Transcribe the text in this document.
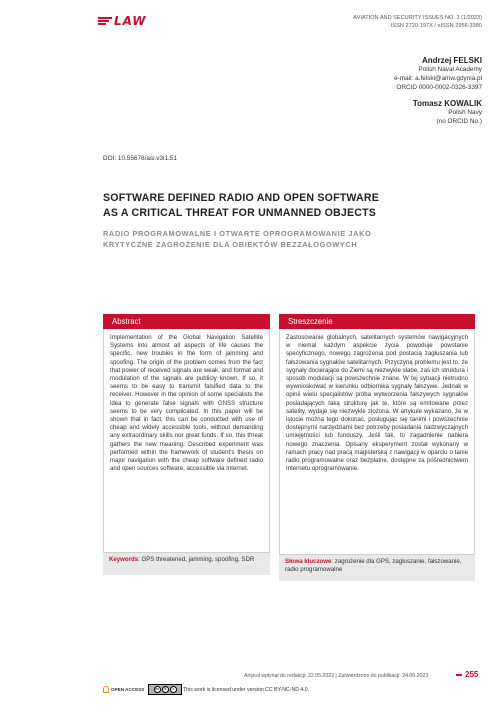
LAW	AVIATION AND SECURITY ISSUES NO. 3 (1/2023)
ISSN 2720-197X / eISSN 2956-3380
Andrzej FELSKI
Polish Naval Academy
e-mail: a.felski@amw.gdynia.pl
ORCID 0000-0002-0326-3397
Tomasz KOWALIK
Polish Navy
(no ORCID No.)
DOI: 10.55676/asi.v3i1.51
SOFTWARE DEFINED RADIO AND OPEN SOFTWARE
AS A CRITICAL THREAT FOR UNMANNED OBJECTS
RADIO PROGRAMOWALNE I OTWARTE OPROGRAMOWANIE JAKO
KRYTYCZNE ZAGROŻENIE DLA OBIEKTÓW BEZZAŁOGOWYCH
Abstract
Implementation of the Global Navigation Satellite Systems into almost all aspects of life causes the specific, new troubles in the form of jamming and spoofing. The origin of the problem comes from the fact that power of received signals are weak, and format and modulation of the signals are publicly known. If so, it seems to be easy to transmit falsified data to the receiver. However in the opinion of some specialists the idea to generate false signals with GNSS structure seems to be very complicated. In this paper will be shown that in fact, this can be conducted with use of cheap and widely accessible tools, without demanding any extraordinary skills nor great funds. If so, this threat gathers the new meaning. Described experiment was performed within the framework of student's thesis on major navigation with the cheap software defined radio and open sources software, accessible via Internet.
Keywords: GPS threatened, jamming, spoofing, SDR
Streszczenie
Zastosowanie globalnych, satelitarnych systemów nawigacyjnych w niemal każdym aspekcie życia powoduje powstanie specyficznego, nowego zagrożenia pod postacią zagłuszania lub fałszowania sygnałów satelitarnych. Przyczyną problemu jest to, że sygnały docierające do Ziemi są niezwykle słabe, zaś ich struktura i sposób modulacji są powszechnie znane. W tej sytuacji nietrudno wywnioskować w kierunku odbiornika sygnały fałszywe. Jednak w opinii wielu specjalistów próba wytworzenia fałszywych sygnałów posiadających taką strukturę jak te, które są emitowane przez satelity, wydaje się niezwykle złożona. W artykule wykazano, że w istocie można tego dokonać, posługując się tanimi i powszechnie dostępnymi narzędziami bez potrzeby posiadania nadzwyczajnych umiejętności lub funduszy. Jeśli tak, to zagadnienie nabiera nowego znaczenia. Opisany eksperyment został wykonany w ramach pracy nad pracą magisterską z nawigacji w oparciu o tanie radio programowalne oraz bezpłatne, dostępne za pośrednictwem Internetu oprogramowanie.
Słowa kluczowe: zagrożenie dla GPS, zagłuszanie, fałszowanie, radio programowalne
Artykuł wpłynął do redakcji: 22.05.2023 | Zatwierdzono do publikacji: 24.06.2023	255
OPEN ACCESS	cc	$	=	This work is licensed under version CC BY-NC-ND 4.0.
